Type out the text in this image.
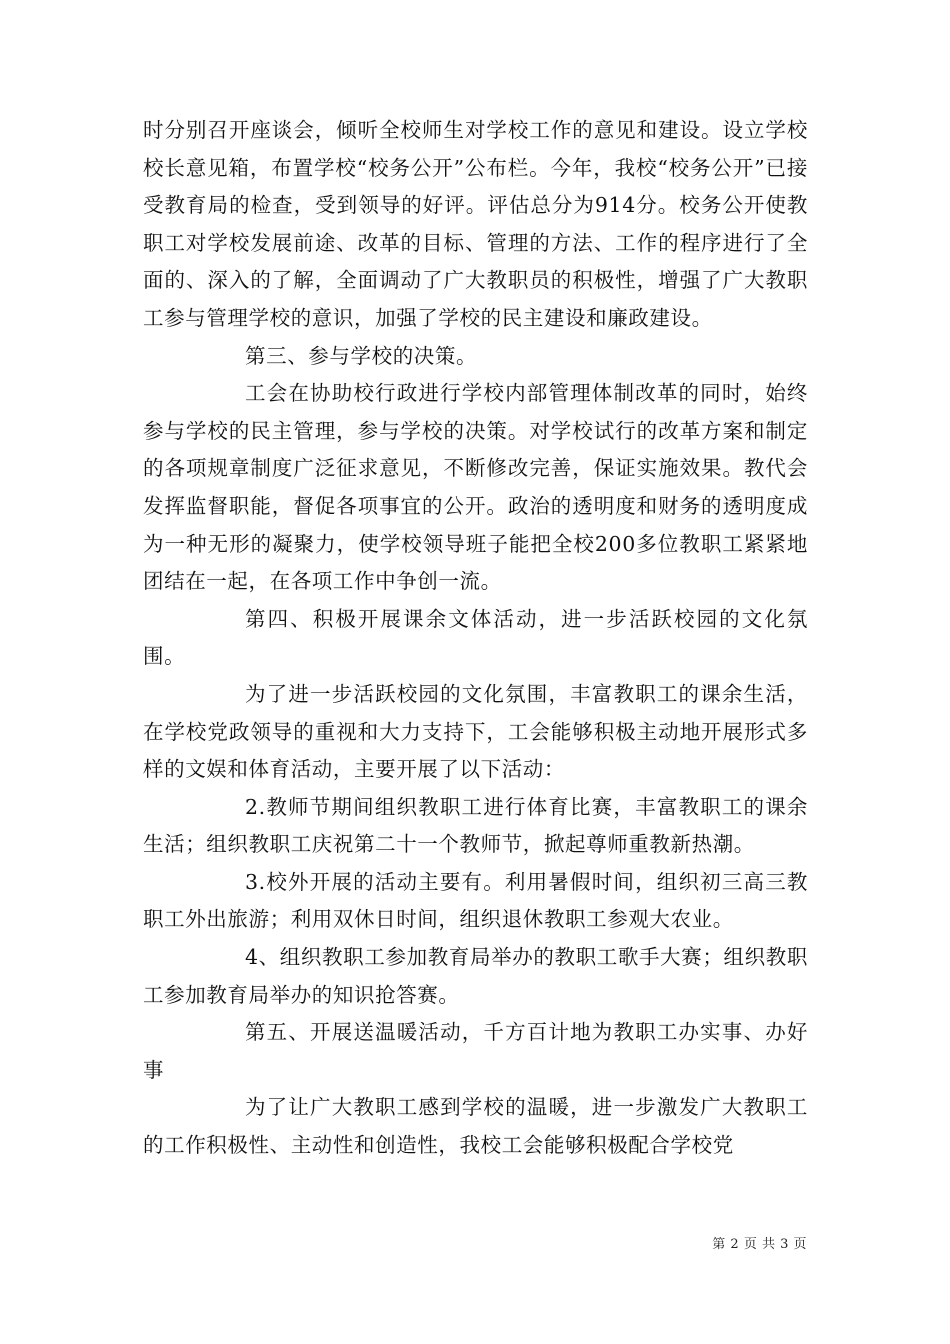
时分别召开座谈会，倾听全校师生对学校工作的意见和建设。设立学校校长意见箱，布置学校“校务公开”公布栏。今年，我校“校务公开”已接受教育局的检查，受到领导的好评。评估总分为914分。校务公开使教职工对学校发展前途、改革的目标、管理的方法、工作的程序进行了全面的、深入的了解，全面调动了广大教职员的积极性，增强了广大教职工参与管理学校的意识，加强了学校的民主建设和廉政建设。

第三、参与学校的决策。

工会在协助校行政进行学校内部管理体制改革的同时，始终参与学校的民主管理，参与学校的决策。对学校试行的改革方案和制定的各项规章制度广泛征求意见，不断修改完善，保证实施效果。教代会发挥监督职能，督促各项事宜的公开。政治的透明度和财务的透明度成为一种无形的凝聚力，使学校领导班子能把全校200多位教职工紧紧地团结在一起，在各项工作中争创一流。

第四、积极开展课余文体活动，进一步活跃校园的文化氛围。

为了进一步活跃校园的文化氛围，丰富教职工的课余生活，在学校党政领导的重视和大力支持下，工会能够积极主动地开展形式多样的文娱和体育活动，主要开展了以下活动：

2.教师节期间组织教职工进行体育比赛，丰富教职工的课余生活；组织教职工庆祝第二十一个教师节，掀起尊师重教新热潮。

3.校外开展的活动主要有。利用暑假时间，组织初三高三教职工外出旅游；利用双休日时间，组织退休教职工参观大农业。

4、组织教职工参加教育局举办的教职工歌手大赛；组织教职工参加教育局举办的知识抢答赛。

第五、开展送温暖活动，千方百计地为教职工办实事、办好事

为了让广大教职工感到学校的温暖，进一步激发广大教职工的工作积极性、主动性和创造性，我校工会能够积极配合学校党

第 2 页 共 3 页
